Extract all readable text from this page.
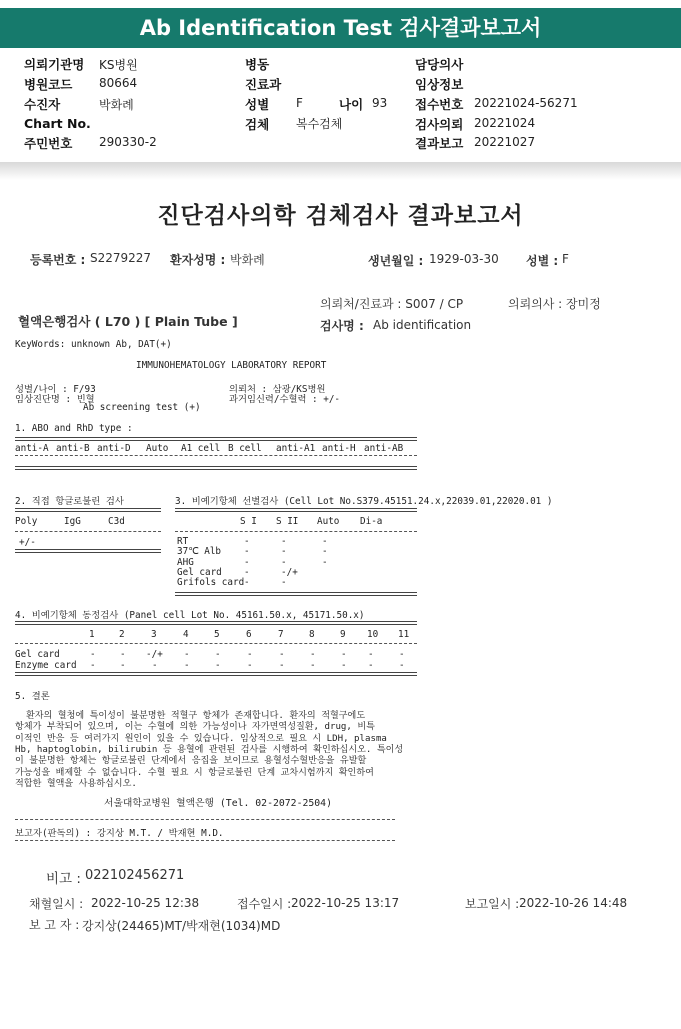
Ab Identification Test 검사결과보고서
의뢰기관명 KS병원
병원코드 80664
수진자	박화례
Chart No.
주민번호 290330-2
병동
진료과
성별 F	나이 93
검체 복수검체
담당의사
임상정보
접수번호 20221024-56271
검사의뢰 20221024
결과보고 20221027
진단검사의학 검체검사 결과보고서
등록번호 : S2279227 환자성명 : 박화례	생년월일 : 1929-03-30 성별 : F
의뢰처/진료과 : S007 / CP	의뢰의사 : 장미정
혈액은행검사 ( L70 ) [ Plain Tube ]	검사명 : Ab identification
KeyWords: unknown Ab, DAT(+)
IMMUNOHEMATOLOGY LABORATORY REPORT
성별/나이 : F/93	의뢰처 : 삼광/KS병원
임상진단명 : 빈혈	과거임신력/수혈력 : +/-
Ab screening test (+)
1. ABO and RhD type :
2. 직접 항글로불린 검사
Poly	IgG	C3d
+/-
3. 비예기항체 선별검사 (Cell Lot No.S379.45151.24.x,22039.01,22020.01 )
4. 비예기항체 동정검사 (Panel cell Lot No. 45161.50.x, 45171.50.x)
5. 결론
서울대학교병원 혈액은행 (Tel. 02-2072-2504)
보고자(판독의) : 강지상 M.T. / 박재현 M.D.
비고 : 022102456271
채혈일시 : 2022-10-25 12:38	접수일시 : 2022-10-25 13:17	보고일시 : 2022-10-26 14:48
보 고 자 : 강지상(24465)MT/박재현(1034)MD
anti-A anti-B anti-D Auto A1 cell B cell anti-A1 anti-H anti-AB
S I S II Auto Di-a
RT	-	-	-
37℃ Alb -	-	-
AHG	-	-	-
Gel card -	-/+
Grifols card -	-
1	2	3	4	5	6	7	8	9 10 11
Gel card	-	- -/+ -	-	-	-	-	- -	-
Enzyme card -	-	-	-	-	-	-	-	- -	-
환자의 혈청에 특이성이 불분명한 적혈구 항체가 존재합니다. 환자의 적혈구에도
항체가 부착되어 있으며, 이는 수혈에 의한 가능성이나 자가면역성질환, drug, 비특
이적인 반응 등 여러가지 원인이 있을 수 있습니다. 임상적으로 필요 시 LDH, plasma
Hb, haptoglobin, bilirubin 등 용혈에 관련된 검사를 시행하여 확인하십시오. 특이성
이 불분명한 항체는 항글로불린 단계에서 응집을 보이므로 용혈성수혈반응을 유발할
가능성을 배제할 수 없습니다. 수혈 필요 시 항글로불린 단계 교차시험까지 확인하여
적합한 혈액을 사용하십시오.
